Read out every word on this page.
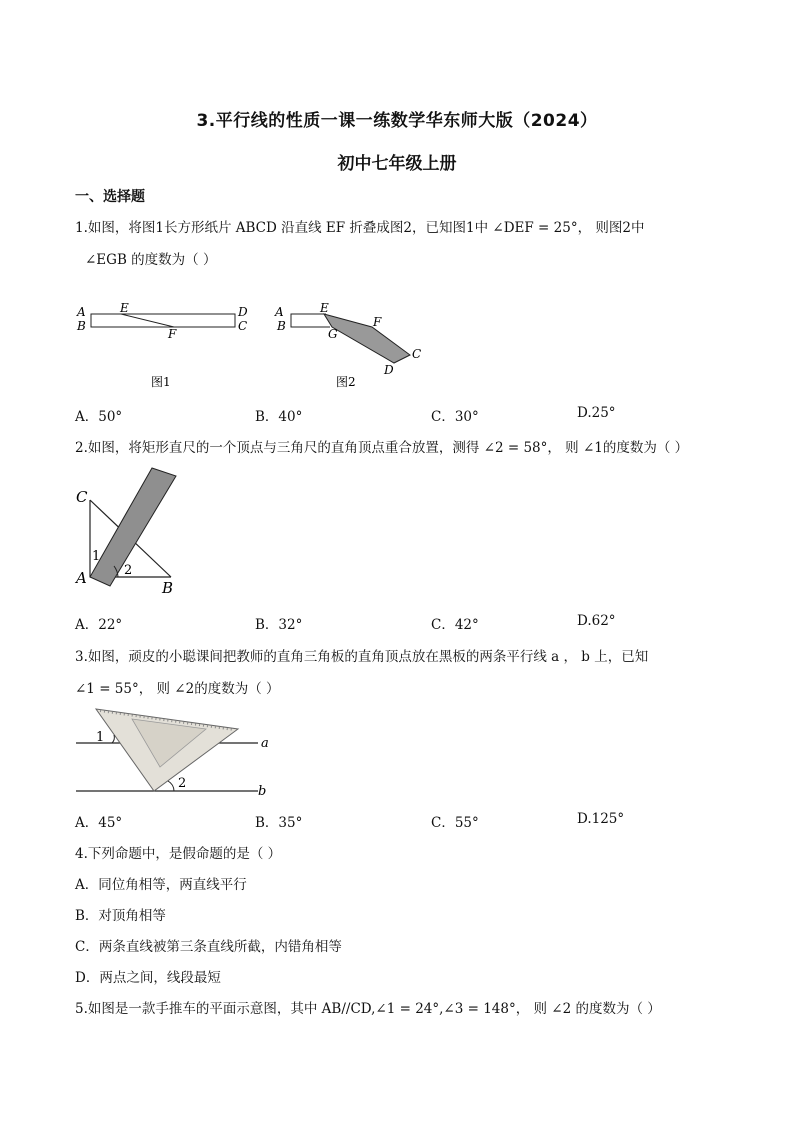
3.平行线的性质一课一练数学华东师大版（2024）
初中七年级上册
一、选择题
1.如图，将图1长方形纸片 ABCD 沿直线 EF 折叠成图2，已知图1中 ∠DEF = 25°， 则图2中
∠EGB 的度数为（ ）
A
B
E
F
D
C
图1
A
B
E
G
F
C
D
图2
A．50°	B．40°	C．30°	D.25°
2.如图，将矩形直尺的一个顶点与三角尺的直角顶点重合放置，测得 ∠2 = 58°， 则 ∠1的度数为（ ）
C
1
2
A
B
A．22°	B．32°	C．42°	D.62°
3.如图，顽皮的小聪课间把教师的直角三角板的直角顶点放在黑板的两条平行线 a ， b 上，已知
∠1 = 55°， 则 ∠2的度数为（ ）
1	a
2
b
A．45°	B．35°	C．55°	D.125°
4.下列命题中，是假命题的是（ ）
A．同位角相等，两直线平行
B．对顶角相等
C．两条直线被第三条直线所截，内错角相等
D．两点之间，线段最短
5.如图是一款手推车的平面示意图，其中 AB//CD,∠1 = 24°,∠3 = 148°， 则 ∠2 的度数为（ ）
